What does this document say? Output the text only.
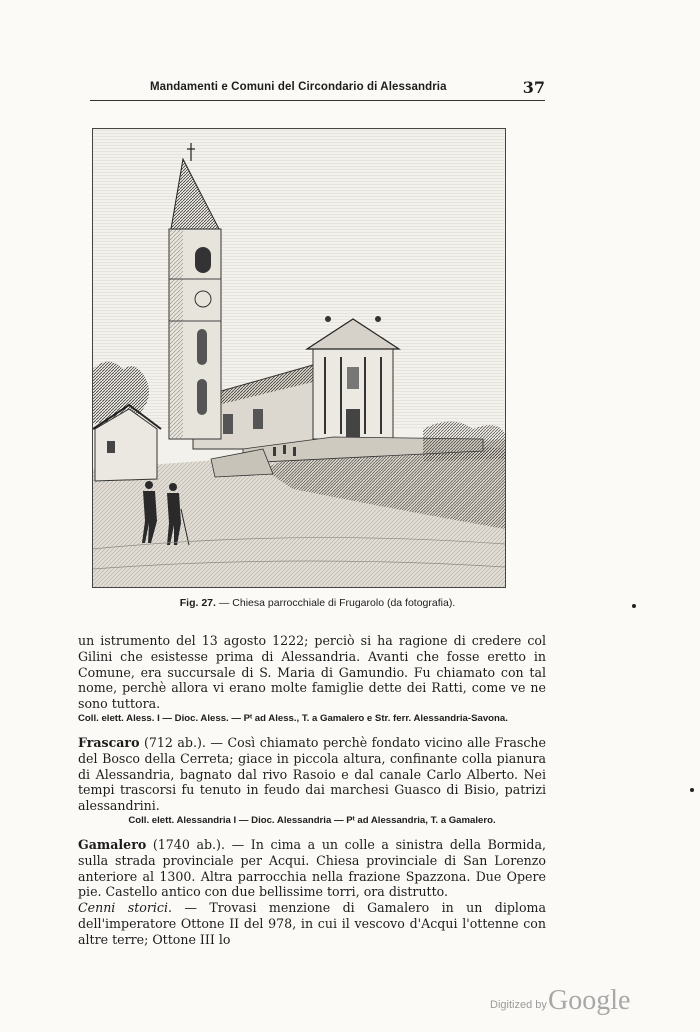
Mandamenti e Comuni del Circondario di Alessandria	37
Fig. 27. — Chiesa parrocchiale di Frugarolo (da fotografia).

un istrumento del 13 agosto 1222; perciò si ha ragione di credere col Gilini che esistesse prima di Alessandria. Avanti che fosse eretto in Comune, era succursale di S. Maria di Gamundio. Fu chiamato con tal nome, perchè allora vi erano molte famiglie dette dei Ratti, come ve ne sono tuttora.

Coll. elett. Aless. I — Dioc. Aless. — Pᵗ ad Aless., T. a Gamalero e Str. ferr. Alessandria-Savona.

Frascaro (712 ab.). — Così chiamato perchè fondato vicino alle Frasche del Bosco della Cerreta; giace in piccola altura, confinante colla pianura di Alessandria, bagnato dal rivo Rasoio e dal canale Carlo Alberto. Nei tempi trascorsi fu tenuto in feudo dai marchesi Guasco di Bisio, patrizi alessandrini.

Coll. elett. Alessandria I — Dioc. Alessandria — Pᵗ ad Alessandria, T. a Gamalero.

Gamalero (1740 ab.). — In cima a un colle a sinistra della Bormida, sulla strada provinciale per Acqui. Chiesa provinciale di San Lorenzo anteriore al 1300. Altra parrocchia nella frazione Spazzona. Due Opere pie. Castello antico con due bellissime torri, ora distrutto.

Cenni storici. — Trovasi menzione di Gamalero in un diploma dell'imperatore Ottone II del 978, in cui il vescovo d'Acqui l'ottenne con altre terre; Ottone III lo

Digitized by Google
